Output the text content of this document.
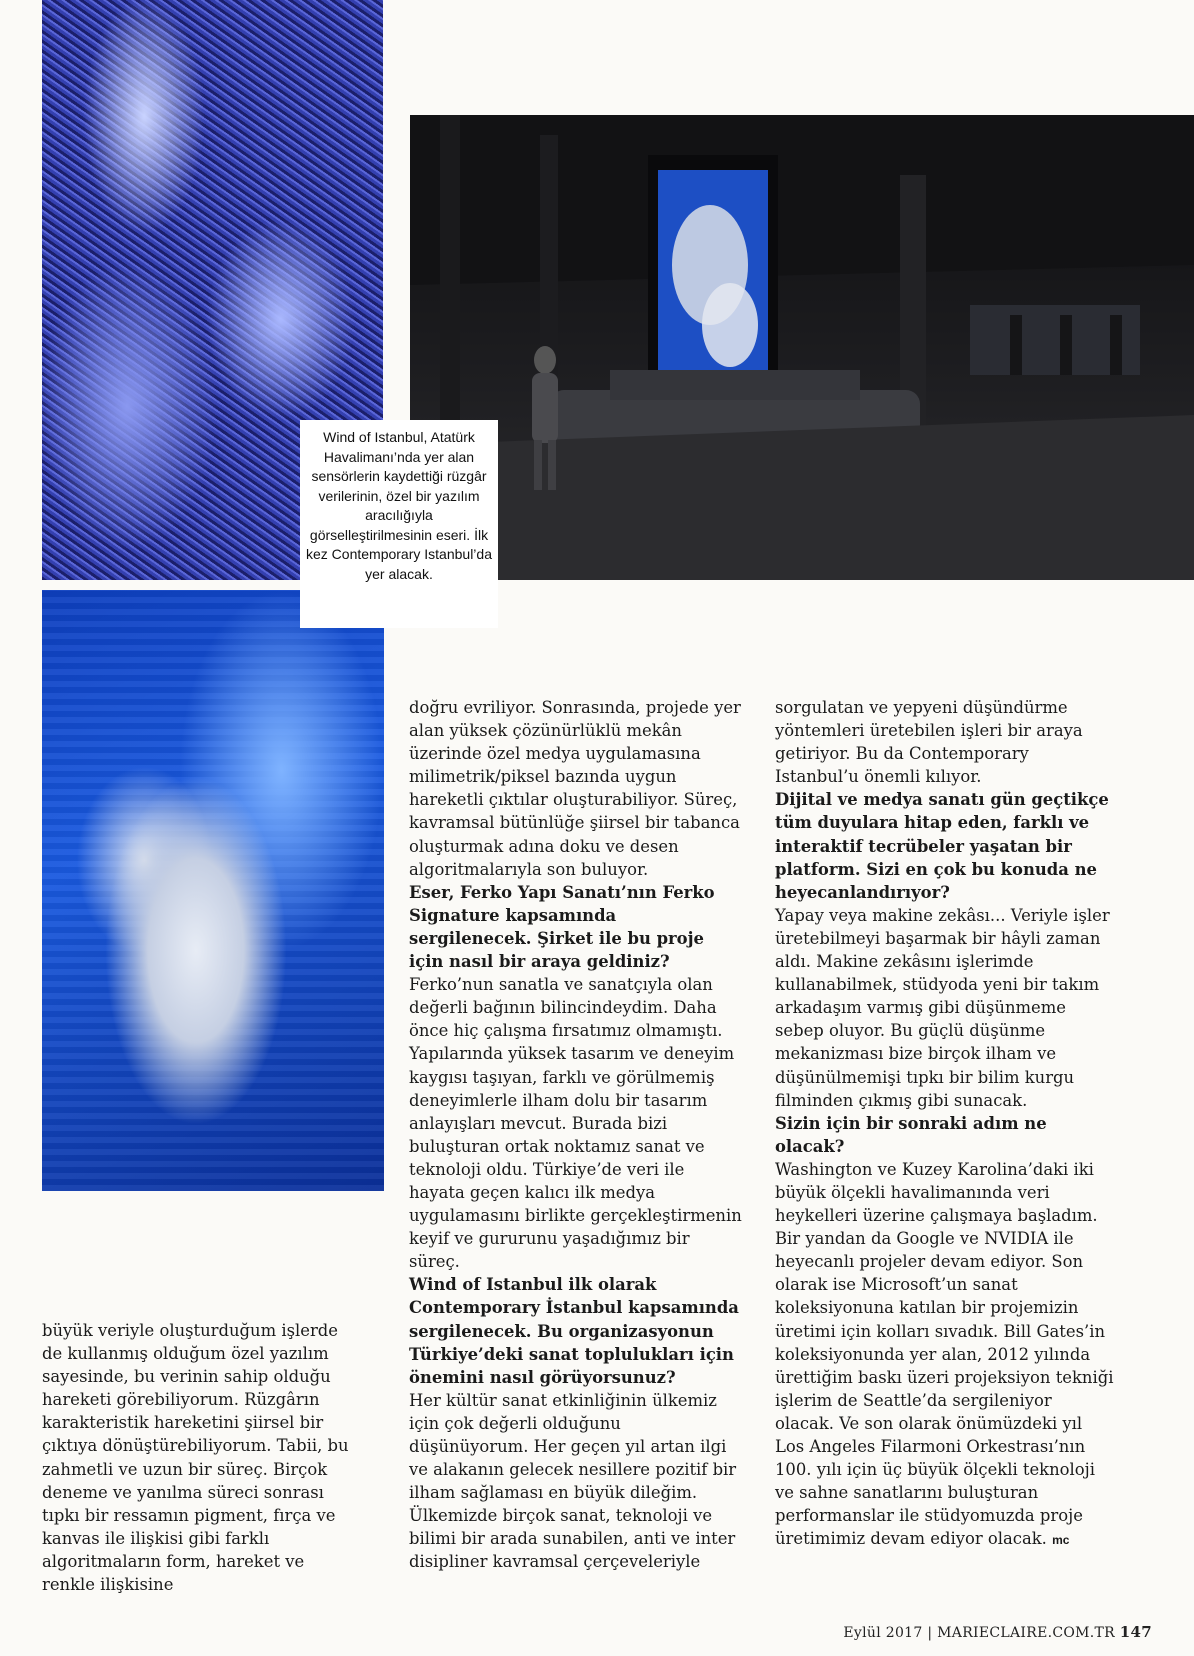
Wind of Istanbul, Atatürk Havalimanı’nda yer alan sensörlerin kaydettiği rüzgâr verilerinin, özel bir yazılım aracılığıyla görselleştirilmesinin eseri. İlk kez Contemporary Istanbul’da yer alacak.

büyük veriyle oluşturduğum işlerde de kullanmış olduğum özel yazılım sayesinde, bu verinin sahip olduğu hareketi görebiliyorum. Rüzgârın karakteristik hareketini şiirsel bir çıktıya dönüştürebiliyorum. Tabii, bu zahmetli ve uzun bir süreç. Birçok deneme ve yanılma süreci sonrası tıpkı bir ressamın pigment, fırça ve kanvas ile ilişkisi gibi farklı algoritmaların form, hareket ve renkle ilişkisine

doğru evriliyor. Sonrasında, projede yer alan yüksek çözünürlüklü mekân üzerinde özel medya uygulamasına milimetrik/piksel bazında uygun hareketli çıktılar oluşturabiliyor. Süreç, kavramsal bütünlüğe şiirsel bir tabanca oluşturmak adına doku ve desen algoritmalarıyla son buluyor.

Eser, Ferko Yapı Sanatı’nın Ferko Signature kapsamında sergilenecek. Şirket ile bu proje için nasıl bir araya geldiniz?

Ferko’nun sanatla ve sanatçıyla olan değerli bağının bilincindeydim. Daha önce hiç çalışma fırsatımız olmamıştı. Yapılarında yüksek tasarım ve deneyim kaygısı taşıyan, farklı ve görülmemiş deneyimlerle ilham dolu bir tasarım anlayışları mevcut. Burada bizi buluşturan ortak noktamız sanat ve teknoloji oldu. Türkiye’de veri ile hayata geçen kalıcı ilk medya uygulamasını birlikte gerçekleştirmenin keyif ve gururunu yaşadığımız bir süreç.

Wind of Istanbul ilk olarak Contemporary İstanbul kapsamında sergilenecek. Bu organizasyonun Türkiye’deki sanat toplulukları için önemini nasıl görüyorsunuz?

Her kültür sanat etkinliğinin ülkemiz için çok değerli olduğunu düşünüyorum. Her geçen yıl artan ilgi ve alakanın gelecek nesillere pozitif bir ilham sağlaması en büyük dileğim. Ülkemizde birçok sanat, teknoloji ve bilimi bir arada sunabilen, anti ve inter disipliner kavramsal çerçeveleriyle

sorgulatan ve yepyeni düşündürme yöntemleri üretebilen işleri bir araya getiriyor. Bu da Contemporary Istanbul’u önemli kılıyor.

Dijital ve medya sanatı gün geçtikçe tüm duyulara hitap eden, farklı ve interaktif tecrübeler yaşatan bir platform. Sizi en çok bu konuda ne heyecanlandırıyor?

Yapay veya makine zekâsı... Veriyle işler üretebilmeyi başarmak bir hâyli zaman aldı. Makine zekâsını işlerimde kullanabilmek, stüdyoda yeni bir takım arkadaşım varmış gibi düşünmeme sebep oluyor. Bu güçlü düşünme mekanizması bize birçok ilham ve düşünülmemişi tıpkı bir bilim kurgu filminden çıkmış gibi sunacak.

Sizin için bir sonraki adım ne olacak?

Washington ve Kuzey Karolina’daki iki büyük ölçekli havalimanında veri heykelleri üzerine çalışmaya başladım. Bir yandan da Google ve NVIDIA ile heyecanlı projeler devam ediyor. Son olarak ise Microsoft’un sanat koleksiyonuna katılan bir projemizin üretimi için kolları sıvadık. Bill Gates’in koleksiyonunda yer alan, 2012 yılında ürettiğim baskı üzeri projeksiyon tekniği işlerim de Seattle’da sergileniyor olacak. Ve son olarak önümüzdeki yıl Los Angeles Filarmoni Orkestrası’nın 100. yılı için üç büyük ölçekli teknoloji ve sahne sanatlarını buluşturan performanslar ile stüdyomuzda proje üretimimiz devam ediyor olacak. mc

Eylül 2017 | MARIECLAIRE.COM.TR 147
